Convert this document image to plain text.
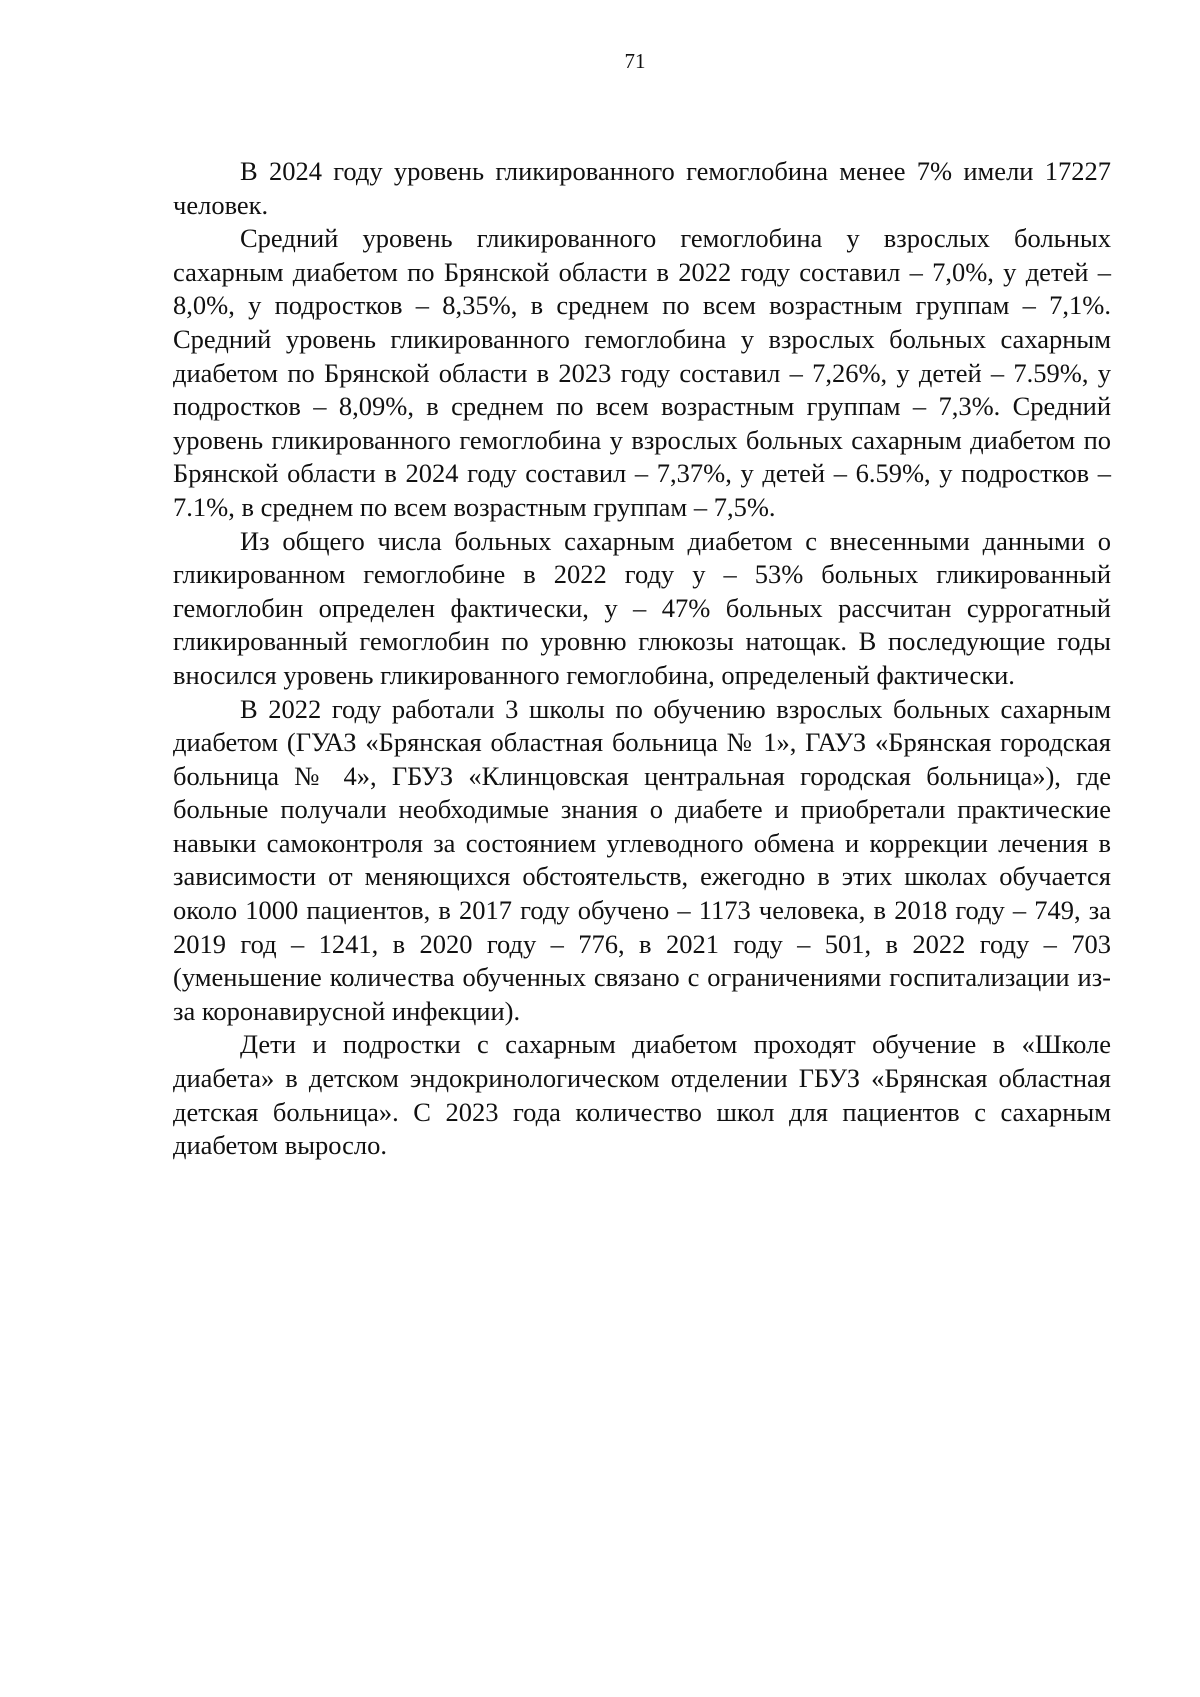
71

В 2024 году уровень гликированного гемоглобина менее 7% имели 17227 человек.

Средний уровень гликированного гемоглобина у взрослых больных сахарным диабетом по Брянской области в 2022 году составил – 7,0%, у детей – 8,0%, у подростков – 8,35%, в среднем по всем возрастным группам – 7,1%. Средний уровень гликированного гемоглобина у взрослых больных сахарным диабетом по Брянской области в 2023 году составил – 7,26%, у детей – 7.59%, у подростков – 8,09%, в среднем по всем возрастным группам – 7,3%. Средний уровень гликированного гемоглобина у взрослых больных сахарным диабетом по Брянской области в 2024 году составил – 7,37%, у детей – 6.59%, у подростков – 7.1%, в среднем по всем возрастным группам – 7,5%.

Из общего числа больных сахарным диабетом с внесенными данными о гликированном гемоглобине в 2022 году у – 53% больных гликированный гемоглобин определен фактически, у – 47% больных рассчитан суррогатный гликированный гемоглобин по уровню глюкозы натощак. В последующие годы вносился уровень гликированного гемоглобина, определеный фактически.

В 2022 году работали 3 школы по обучению взрослых больных сахарным диабетом (ГУАЗ «Брянская областная больница № 1», ГАУЗ «Брянская городская больница № 4», ГБУЗ «Клинцовская центральная городская больница»), где больные получали необходимые знания о диабете и приобретали практические навыки самоконтроля за состоянием углеводного обмена и коррекции лечения в зависимости от меняющихся обстоятельств, ежегодно в этих школах обучается около 1000 пациентов, в 2017 году обучено – 1173 человека, в 2018 году – 749, за 2019 год – 1241, в 2020 году – 776, в 2021 году – 501, в 2022 году – 703 (уменьшение количества обученных связано с ограничениями госпитализации из-за коронавирусной инфекции).

Дети и подростки с сахарным диабетом проходят обучение в «Школе диабета» в детском эндокринологическом отделении ГБУЗ «Брянская областная детская больница». С 2023 года количество школ для пациентов с сахарным диабетом выросло.
